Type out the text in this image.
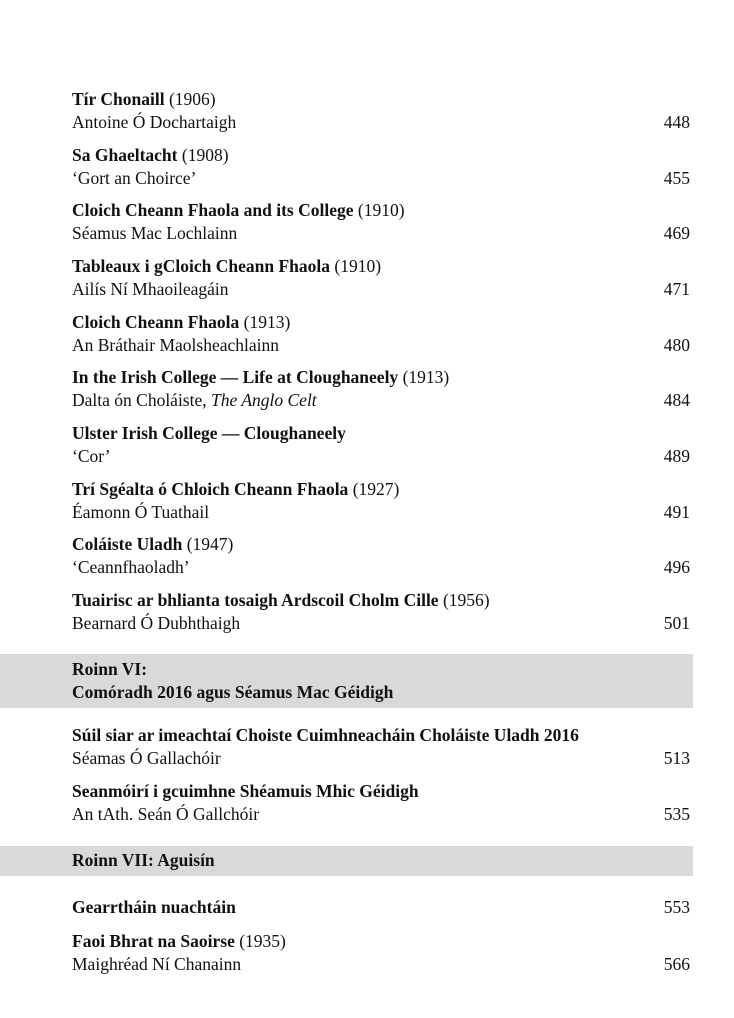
Tír Chonaill (1906)
Antoine Ó Dochartaigh	448
Sa Ghaeltacht (1908)
‘Gort an Choirce’	455
Cloich Cheann Fhaola and its College (1910)
Séamus Mac Lochlainn	469
Tableaux i gCloich Cheann Fhaola (1910)
Ailís Ní Mhaoileagáin	471
Cloich Cheann Fhaola (1913)
An Bráthair Maolsheachlainn	480
In the Irish College — Life at Cloughaneely (1913)
Dalta ón Choláiste, The Anglo Celt	484
Ulster Irish College — Cloughaneely
‘Cor’	489
Trí Sgéalta ó Chloich Cheann Fhaola (1927)
Éamonn Ó Tuathail	491
Coláiste Uladh (1947)
‘Ceannfhaoladh’	496
Tuairisc ar bhlianta tosaigh Ardscoil Cholm Cille (1956)
Bearnard Ó Dubhthaigh	501
Roinn VI:
Comóradh 2016 agus Séamus Mac Géidigh
Súil siar ar imeachtaí Choiste Cuimhneacháin Choláiste Uladh 2016
Séamas Ó Gallachóir	513
Seanmóirí i gcuimhne Shéamuis Mhic Géidigh
An tAth. Seán Ó Gallchóir	535
Roinn VII: Aguisín
Gearrtháin nuachtáin	553
Faoi Bhrat na Saoirse (1935)
Maighréad Ní Chanainn	566
